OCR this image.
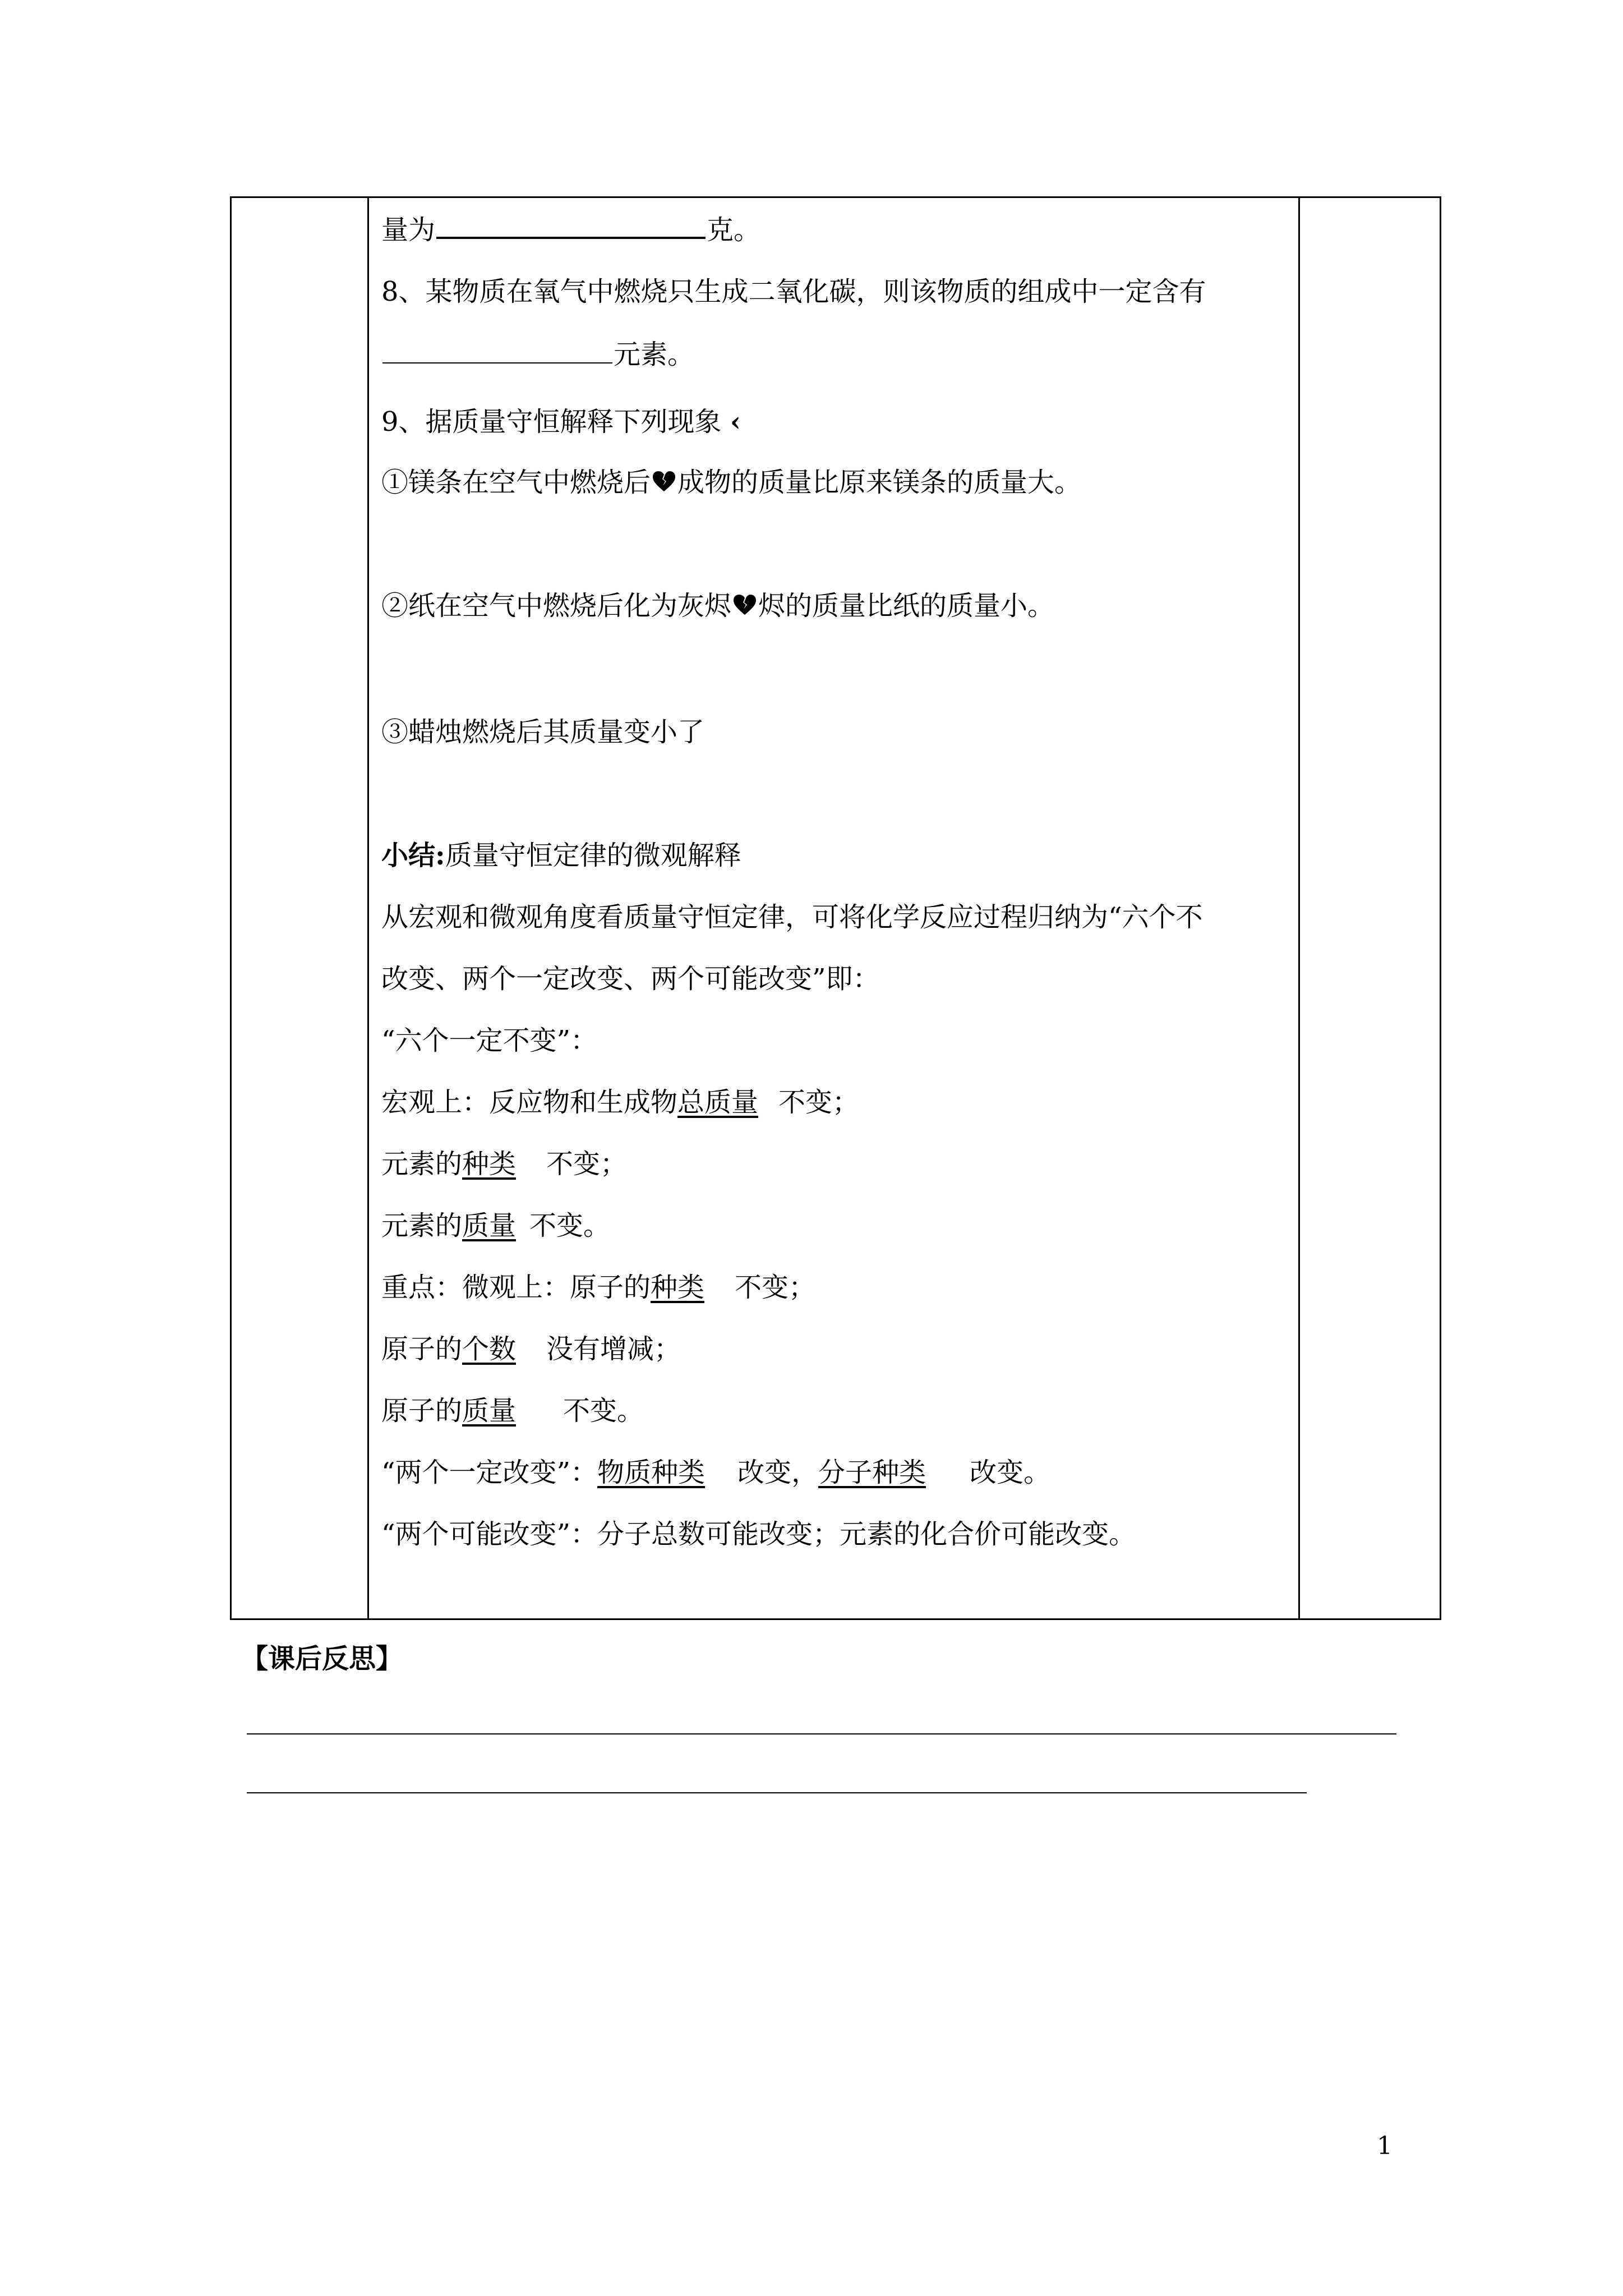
量为	克。
8、某物质在氧气中燃烧只生成二氧化碳，则该物质的组成中一定含有
元素。
9、据质量守恒解释下列现象 ‹
①镁条在空气中燃烧后 成物的质量比原来镁条的质量大。
②纸在空气中燃烧后化为灰烬 烬的质量比纸的质量小。
③蜡烛燃烧后其质量变小了
小结:质量守恒定律的微观解释
从宏观和微观角度看质量守恒定律，可将化学反应过程归纳为“六个不
改变、两个一定改变、两个可能改变”即：
“六个一定不变”：
宏观上：反应物和生成物总质量 不变；
元素的种类 不变；
元素的质量 不变。
重点：微观上：原子的种类 不变；
原子的个数 没有增减；
原子的质量 不变。
“两个一定改变”：物质种类 改变，分子种类 改变。
“两个可能改变”：分子总数可能改变；元素的化合价可能改变。
【课后反思】
1
